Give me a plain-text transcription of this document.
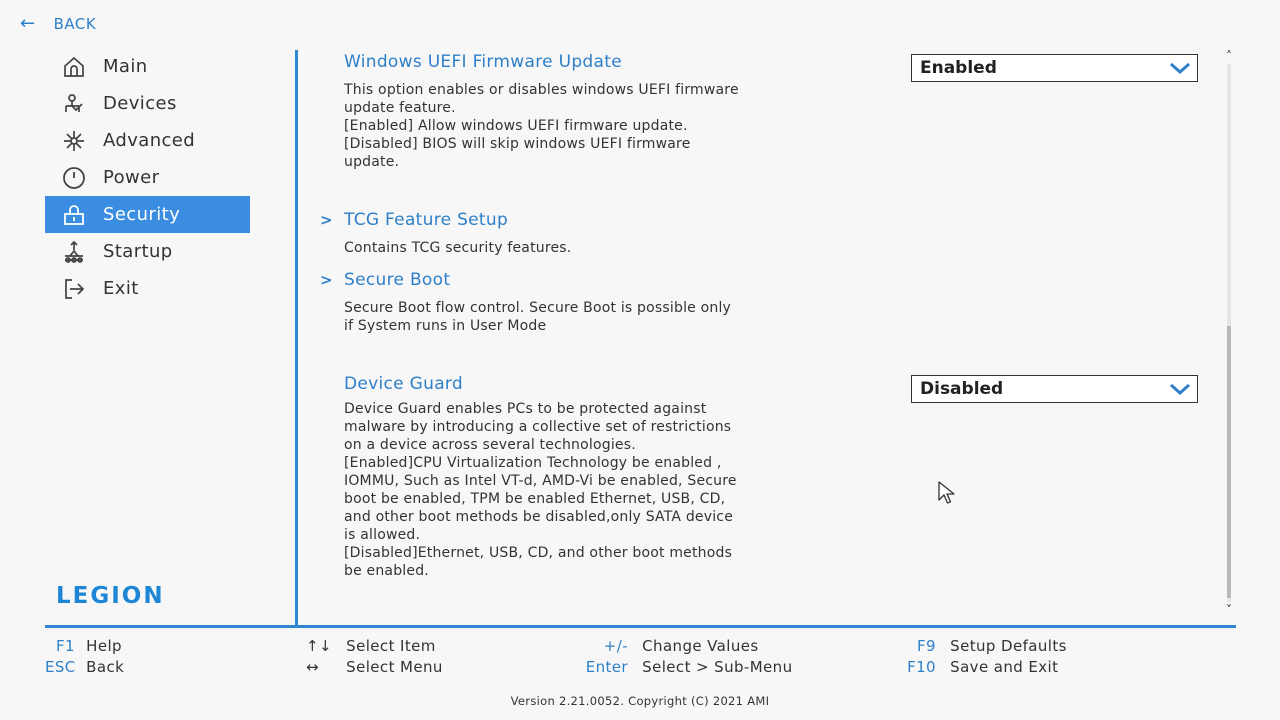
← BACK
Main
Devices
Advanced
Power
Security
Startup
Exit
LEGION
Windows UEFI Firmware Update
This option enables or disables windows UEFI firmware
update feature.
[Enabled] Allow windows UEFI firmware update.
[Disabled] BIOS will skip windows UEFI firmware
update.
Enabled
> TCG Feature Setup
Contains TCG security features.
> Secure Boot
Secure Boot flow control. Secure Boot is possible only
if System runs in User Mode
Device Guard
Device Guard enables PCs to be protected against
malware by introducing a collective set of restrictions
on a device across several technologies.
[Enabled]CPU Virtualization Technology be enabled ,
IOMMU, Such as Intel VT-d, AMD-Vi be enabled, Secure
boot be enabled, TPM be enabled Ethernet, USB, CD,
and other boot methods be disabled,only SATA device
is allowed.
[Disabled]Ethernet, USB, CD, and other boot methods
be enabled.
Disabled
˄
˅
F1 Help
ESC Back
↑↓ Select Item
↔ Select Menu
+/- Change Values
Enter Select > Sub-Menu
F9 Setup Defaults
F10 Save and Exit
Version 2.21.0052. Copyright (C) 2021 AMI
